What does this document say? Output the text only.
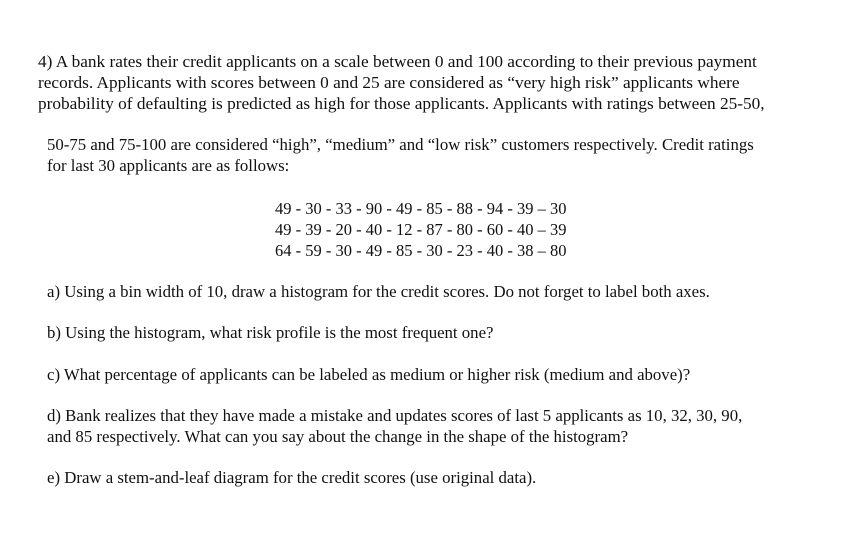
4) A bank rates their credit applicants on a scale between 0 and 100 according to their previous payment
records. Applicants with scores between 0 and 25 are considered as “very high risk” applicants where
probability of defaulting is predicted as high for those applicants. Applicants with ratings between 25-50,
50-75 and 75-100 are considered “high”, “medium” and “low risk” customers respectively. Credit ratings
for last 30 applicants are as follows:
49 - 30 - 33 - 90 - 49 - 85 - 88 - 94 - 39 – 30
49 - 39 - 20 - 40 - 12 - 87 - 80 - 60 - 40 – 39
64 - 59 - 30 - 49 - 85 - 30 - 23 - 40 - 38 – 80
a) Using a bin width of 10, draw a histogram for the credit scores. Do not forget to label both axes.
b) Using the histogram, what risk profile is the most frequent one?
c) What percentage of applicants can be labeled as medium or higher risk (medium and above)?
d) Bank realizes that they have made a mistake and updates scores of last 5 applicants as 10, 32, 30, 90,
and 85 respectively. What can you say about the change in the shape of the histogram?
e) Draw a stem-and-leaf diagram for the credit scores (use original data).
